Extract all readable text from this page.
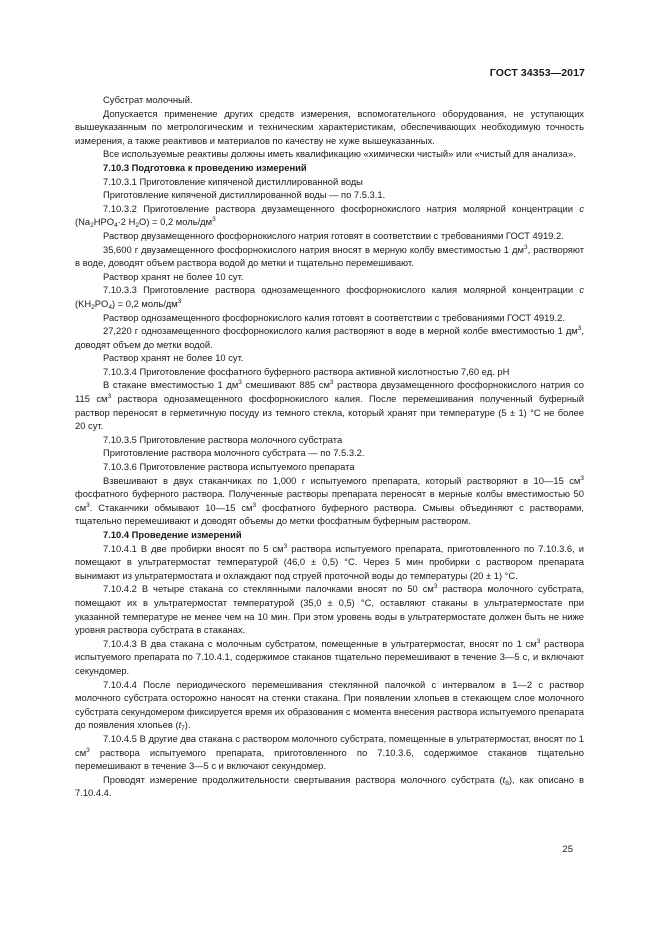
ГОСТ 34353—2017

Субстрат молочный.

Допускается применение других средств измерения, вспомогательного оборудования, не уступающих вышеуказанным по метрологическим и техническим характеристикам, обеспечивающих необходимую точность измерения, а также реактивов и материалов по качеству не хуже вышеуказанных.

Все используемые реактивы должны иметь квалификацию «химически чистый» или «чистый для анализа».

7.10.3 Подготовка к проведению измерений

7.10.3.1 Приготовление кипяченой дистиллированной воды

Приготовление кипяченой дистиллированной воды — по 7.5.3.1.

7.10.3.2 Приготовление раствора двузамещенного фосфорнокислого натрия молярной концентрации c ($Na_2HPO_4\cdot 2$ $H_2O) = 0,2$ моль/$дм^3$

Раствор двузамещенного фосфорнокислого натрия готовят в соответствии с требованиями ГОСТ 4919.2.

35,600 г двузамещенного фосфорнокислого натрия вносят в мерную колбу вместимостью 1 $дм^3$, растворяют в воде, доводят объем раствора водой до метки и тщательно перемешивают.

Раствор хранят не более 10 сут.

7.10.3.3 Приготовление раствора однозамещенного фосфорнокислого калия молярной концентрации c $(KH_2PO_4) = 0,2$ моль/$дм^3$

Раствор однозамещенного фосфорнокислого калия готовят в соответствии с требованиями ГОСТ 4919.2.

27,220 г однозамещенного фосфорнокислого калия растворяют в воде в мерной колбе вместимостью 1 $дм^3$, доводят объем до метки водой.

Раствор хранят не более 10 сут.

7.10.3.4 Приготовление фосфатного буферного раствора активной кислотностью 7,60 ед. pH

В стакане вместимостью 1 $дм^3$ смешивают 885 $см^3$ раствора двузамещенного фосфорнокислого натрия со 115 $см^3$ раствора однозамещенного фосфорнокислого калия. После перемешивания полученный буферный раствор переносят в герметичную посуду из темного стекла, который хранят при температуре (5 ± 1) °С не более 20 сут.

7.10.3.5 Приготовление раствора молочного субстрата

Приготовление раствора молочного субстрата — по 7.5.3.2.

7.10.3.6 Приготовление раствора испытуемого препарата

Взвешивают в двух стаканчиках по 1,000 г испытуемого препарата, который растворяют в 10—15 $см^3$ фосфатного буферного раствора. Полученные растворы препарата переносят в мерные колбы вместимостью 50 $см^3$. Стаканчики обмывают 10—15 $см^3$ фосфатного буферного раствора. Смывы объединяют с растворами, тщательно перемешивают и доводят объемы до метки фосфатным буферным раствором.

7.10.4 Проведение измерений

7.10.4.1 В две пробирки вносят по 5 $см^3$ раствора испытуемого препарата, приготовленного по 7.10.3.6, и помещают в ультратермостат температурой (46,0 ± 0,5) °С. Через 5 мин пробирки с раствором препарата вынимают из ультратермостата и охлаждают под струей проточной воды до температуры (20 ± 1) °С.

7.10.4.2 В четыре стакана со стеклянными палочками вносят по 50 $см^3$ раствора молочного субстрата, помещают их в ультратермостат температурой (35,0 ± 0,5) °С, оставляют стаканы в ультратермостате при указанной температуре не менее чем на 10 мин. При этом уровень воды в ультратермостате должен быть не ниже уровня раствора субстрата в стаканах.

7.10.4.3 В два стакана с молочным субстратом, помещенные в ультратермостат, вносят по 1 $см^3$ раствора испытуемого препарата по 7.10.4.1, содержимое стаканов тщательно перемешивают в течение 3—5 с, и включают секундомер.

7.10.4.4 После периодического перемешивания стеклянной палочкой с интервалом в 1—2 с раствор молочного субстрата осторожно наносят на стенки стакана. При появлении хлопьев в стекающем слое молочного субстрата секундомером фиксируется время их образования с момента внесения раствора испытуемого препарата до появления хлопьев $(t_7)$.

7.10.4.5 В другие два стакана с раствором молочного субстрата, помещенные в ультратермостат, вносят по 1 $см^3$ раствора испытуемого препарата, приготовленного по 7.10.3.6, содержимое стаканов тщательно перемешивают в течение 3—5 с и включают секундомер.

Проводят измерение продолжительности свертывания раствора молочного субстрата $(t_8)$, как описано в 7.10.4.4.

25
